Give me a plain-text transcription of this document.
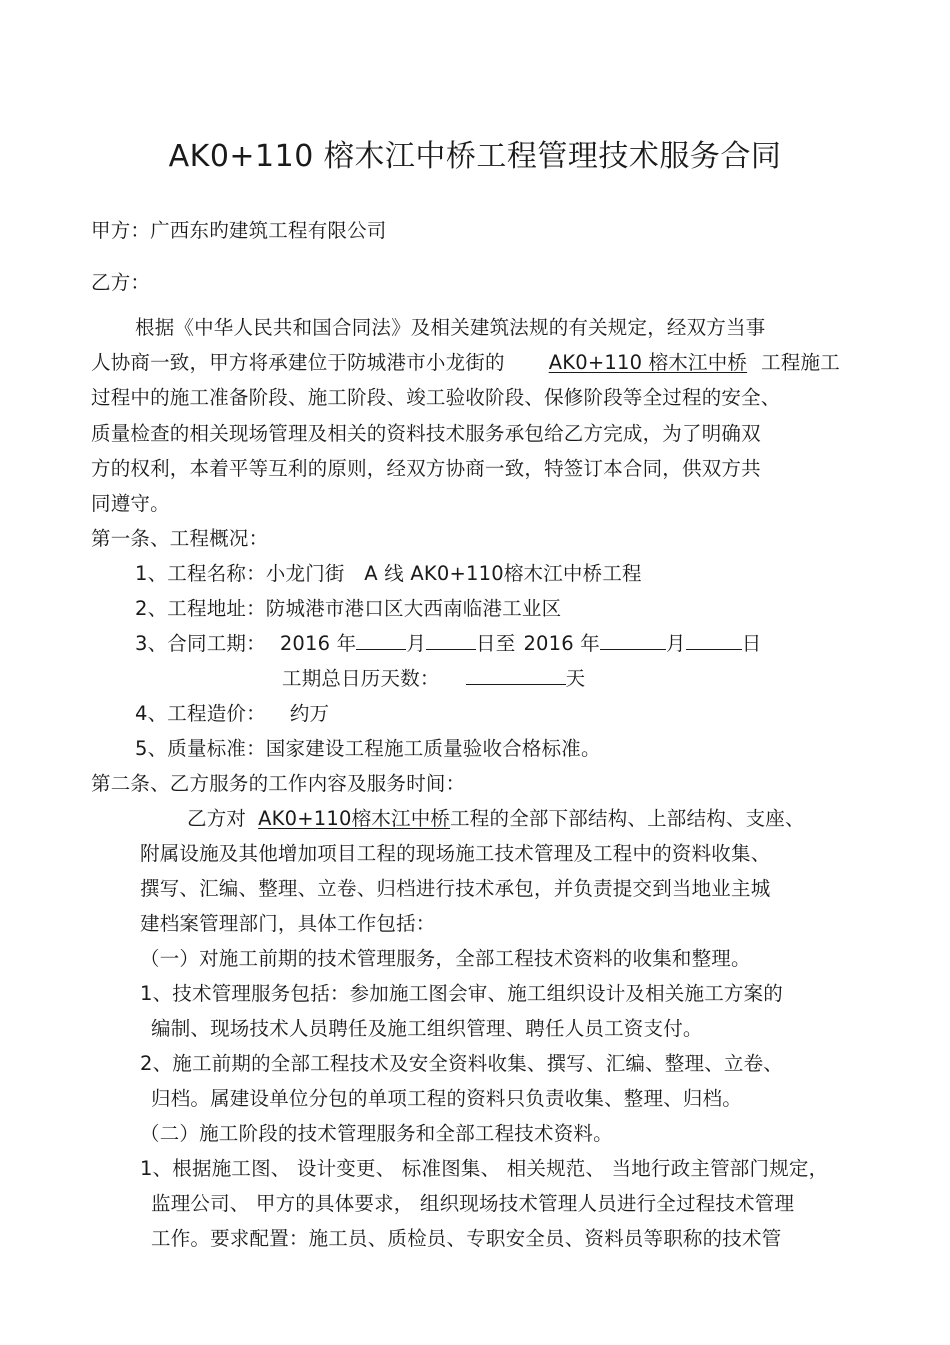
AK0+110 榕木江中桥工程管理技术服务合同
甲方：广西东旳建筑工程有限公司
乙方：
根据《中华人民共和国合同法》及相关建筑法规的有关规定，经双方当事
人协商一致，甲方将承建位于防城港市小龙街的 AK0+110 榕木江中桥 工程施工
过程中的施工准备阶段、施工阶段、竣工验收阶段、保修阶段等全过程的安全、
质量检查的相关现场管理及相关的资料技术服务承包给乙方完成，为了明确双
方的权利，本着平等互利的原则，经双方协商一致，特签订本合同，供双方共
同遵守。
第一条、工程概况：
1、工程名称：小龙门街　A 线 AK0+110榕木江中桥工程
2、工程地址：防城港市港口区大西南临港工业区
3、合同工期： 2016 年	月	日至 2016 年	月	日
工期总日历天数：	天
4、工程造价： 约万
5、质量标准：国家建设工程施工质量验收合格标准。
第二条、乙方服务的工作内容及服务时间：
乙方对 AK0+110榕木江中桥工程的全部下部结构、上部结构、支座、
附属设施及其他增加项目工程的现场施工技术管理及工程中的资料收集、
撰写、汇编、整理、立卷、归档进行技术承包，并负责提交到当地业主城
建档案管理部门，具体工作包括：
（一）对施工前期的技术管理服务，全部工程技术资料的收集和整理。
1、技术管理服务包括：参加施工图会审、施工组织设计及相关施工方案的
编制、现场技术人员聘任及施工组织管理、聘任人员工资支付。
2、施工前期的全部工程技术及安全资料收集、撰写、汇编、整理、立卷、
归档。属建设单位分包的单项工程的资料只负责收集、整理、归档。
（二）施工阶段的技术管理服务和全部工程技术资料。
1、根据施工图、 设计变更、 标准图集、 相关规范、 当地行政主管部门规定，
监理公司、 甲方的具体要求， 组织现场技术管理人员进行全过程技术管理
工作。要求配置：施工员、质检员、专职安全员、资料员等职称的技术管
